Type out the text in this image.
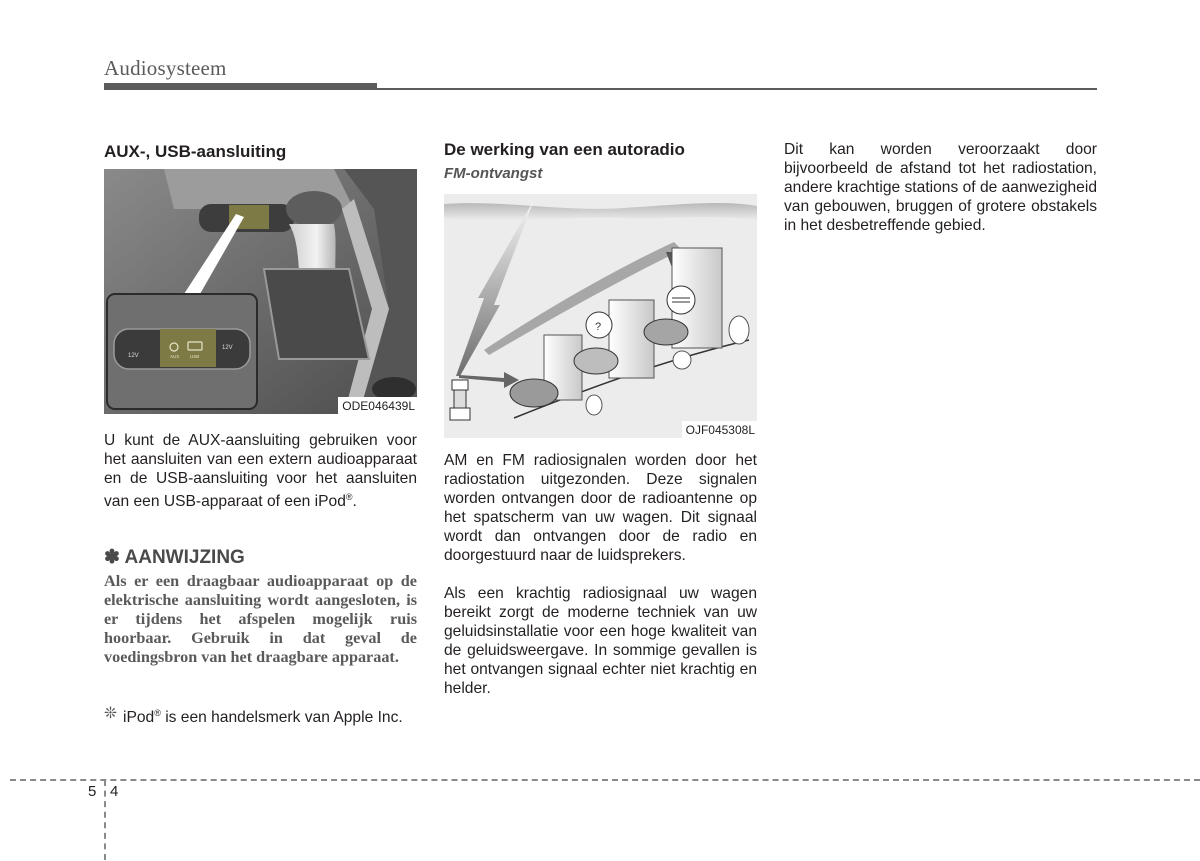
Audiosysteem
AUX-, USB-aansluiting
12V	AUX USB
12V
ODE046439L

U kunt de AUX-aansluiting gebruiken voor het aansluiten van een extern audioapparaat en de USB-aansluiting voor het aansluiten van een USB-apparaat of een iPod®.

✽ AANWIJZING

Als er een draagbaar audioapparaat op de elektrische aansluiting wordt aangesloten, is er tijdens het afspelen mogelijk ruis hoorbaar. Gebruik in dat geval de voedingsbron van het draagbare apparaat.

❊ iPod® is een handelsmerk van Apple Inc.
De werking van een autoradio
FM-ontvangst
?
OJF045308L

AM en FM radiosignalen worden door het radiostation uitgezonden. Deze signalen worden ontvangen door de radioantenne op het spatscherm van uw wagen. Dit signaal wordt dan ontvangen door de radio en doorgestuurd naar de luidsprekers.

Als een krachtig radiosignaal uw wagen bereikt zorgt de moderne techniek van uw geluidsinstallatie voor een hoge kwaliteit van de geluidsweergave. In sommige gevallen is het ontvangen signaal echter niet krachtig en helder.

Dit kan worden veroorzaakt door bijvoorbeeld de afstand tot het radiostation, andere krachtige stations of de aanwezigheid van gebouwen, bruggen of grotere obstakels in het desbetreffende gebied.

5 4
